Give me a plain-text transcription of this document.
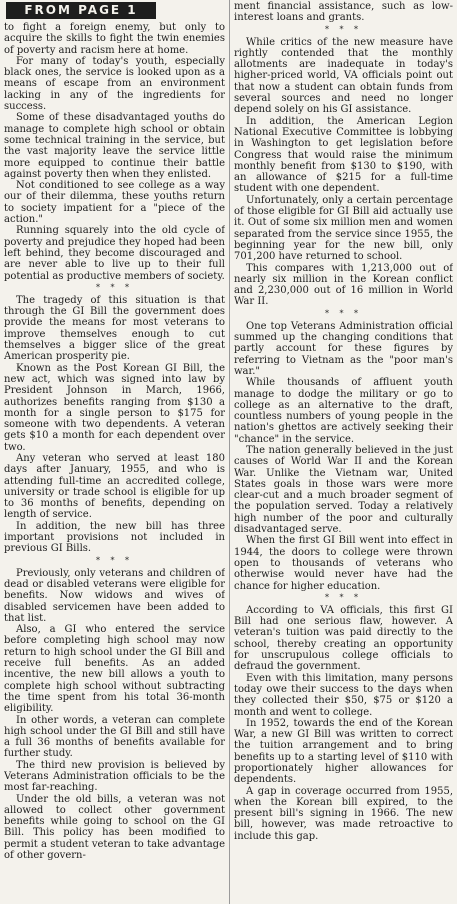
to fight a foreign enemy, but only to acquire the skills to fight the twin enemies of poverty and racism here at home.

For many of today's youth, especially black ones, the service is looked upon as a means of escape from an environment lacking in any of the ingredients for success.

Some of these disadvantaged youths do manage to complete high school or obtain some technical training in the service, but the vast majority leave the service little more equipped to continue their battle against poverty then when they enlisted.

Not conditioned to see college as a way our of their dilemma, these youths return to society impatient for a "piece of the action."

Running squarely into the old cycle of poverty and prejudice they hoped had been left behind, they become discouraged and are never able to live up to their full potential as productive members of society.

* * *

The tragedy of this situation is that through the GI Bill the government does provide the means for most veterans to improve themselves enough to cut themselves a bigger slice of the great American prosperity pie.

Known as the Post Korean GI Bill, the new act, which was signed into law by President Johnson in March, 1966, authorizes benefits ranging from $130 a month for a single person to $175 for someone with two dependents. A veteran gets $10 a month for each dependent over two.

Any veteran who served at least 180 days after January, 1955, and who is attending full-time an accredited college, university or trade school is eligible for up to 36 months of benefits, depending on length of service.

In addition, the new bill has three important provisions not included in previous GI Bills.

* * *

Previously, only veterans and children of dead or disabled veterans were eligible for benefits. Now widows and wives of disabled servicemen have been added to that list.

Also, a GI who entered the service before completing high school may now return to high school under the GI Bill and receive full benefits. As an added incentive, the new bill allows a youth to complete high school without subtracting the time spent from his total 36-month eligibility.

In other words, a veteran can complete high school under the GI Bill and still have a full 36 months of benefits available for further study.

The third new provision is believed by Veterans Administration officials to be the most far-reaching.

Under the old bills, a veteran was not allowed to collect other government benefits while going to school on the GI Bill. This policy has been modified to permit a student veteran to take advantage of other govern-

FROM PAGE 1	ment financial assistance, such as low-interest loans and grants.

* * *

While critics of the new measure have rightly contended that the monthly allotments are inadequate in today's higher-priced world, VA officials point out that now a student can obtain funds from several sources and need no longer depend solely on his GI assistance.

In addition, the American Legion National Executive Committee is lobbying in Washington to get legislation before Congress that would raise the minimum monthly benefit from $130 to $190, with an allowance of $215 for a full-time student with one dependent.

Unfortunately, only a certain percentage of those eligible for GI Bill aid actually use it. Out of some six million men and women separated from the service since 1955, the beginning year for the new bill, only 701,200 have returned to school.

This compares with 1,213,000 out of nearly six million in the Korean conflict and 2,230,000 out of 16 million in World War II.

* * *

One top Veterans Administration official summed up the changing conditions that partly account for these figures by referring to Vietnam as the "poor man's war."

While thousands of affluent youth manage to dodge the military or go to college as an alternative to the draft, countless numbers of young people in the nation's ghettos are actively seeking their "chance" in the service.

The nation generally believed in the just causes of World War II and the Korean War. Unlike the Vietnam war, United States goals in those wars were more clear-cut and a much broader segment of the population served. Today a relatively high number of the poor and culturally disadvantaged serve.

When the first GI Bill went into effect in 1944, the doors to college were thrown open to thousands of veterans who otherwise would never have had the chance for higher education.

* * *

According to VA officials, this first GI Bill had one serious flaw, however. A veteran's tuition was paid directly to the school, thereby creating an opportunity for unscrupulous college officials to defraud the government.

Even with this limitation, many persons today owe their success to the days when they collected their $50, $75 or $120 a month and went to college.

In 1952, towards the end of the Korean War, a new GI Bill was written to correct the tuition arrangement and to bring benefits up to a starting level of $110 with proportionately higher allowances for dependents.

A gap in coverage occurred from 1955, when the Korean bill expired, to the present bill's signing in 1966. The new bill, however, was made retroactive to include this gap.
